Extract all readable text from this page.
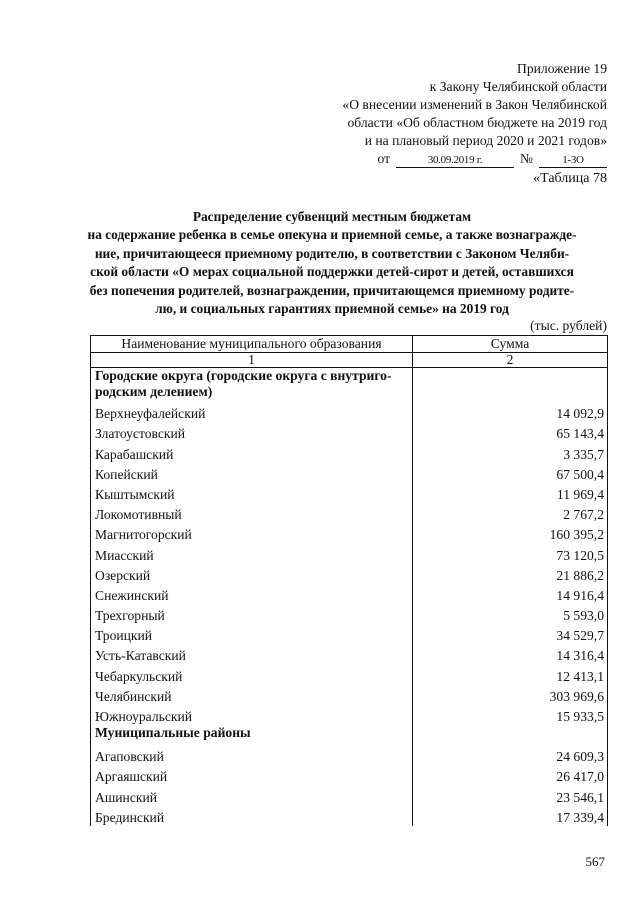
Приложение 19
к Закону Челябинской области
«О внесении изменений в Закон Челябинской
области «Об областном бюджете на 2019 год
и на плановый период 2020 и 2021 годов»
от	30.09.2019 г.	№	1-ЗО
«Таблица 78
Распределение субвенций местным бюджетам
на содержание ребенка в семье опекуна и приемной семье, а также вознагражде-
ние, причитающееся приемному родителю, в соответствии с Законом Челяби-
ской области «О мерах социальной поддержки детей-сирот и детей, оставшихся
без попечения родителей, вознаграждении, причитающемся приемному родите-
лю, и социальных гарантиях приемной семье» на 2019 год
(тыс. рублей)
Наименование муниципального образования	Сумма
1	2
Городские округа (городские округа с внутриго-
родским делением)	
Верхнеуфалейский	14 092,9
Златоустовский	65 143,4
Карабашский	3 335,7
Копейский	67 500,4
Кыштымский	11 969,4
Локомотивный	2 767,2
Магнитогорский	160 395,2
Миасский	73 120,5
Озерский	21 886,2
Снежинский	14 916,4
Трехгорный	5 593,0
Троицкий	34 529,7
Усть-Катавский	14 316,4
Чебаркульский	12 413,1
Челябинский	303 969,6
Южноуральский	15 933,5
Муниципальные районы	
Агаповский	24 609,3
Аргаяшский	26 417,0
Ашинский	23 546,1
Брединский	17 339,4
567
